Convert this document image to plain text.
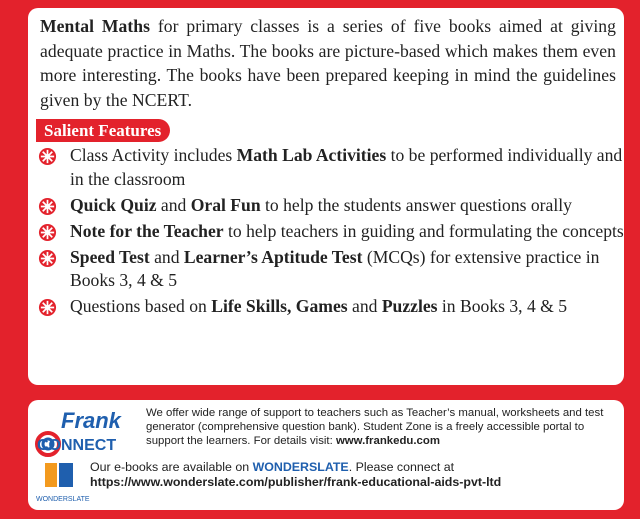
Mental Maths for primary classes is a series of five books aimed at giving adequate practice in Maths. The books are picture-based which makes them even more interesting. The books have been prepared keeping in mind the guidelines given by the NCERT.

Salient Features
Class Activity includes Math Lab Activities to be performed individually and in the classroom
Quick Quiz and Oral Fun to help the students answer questions orally
Note for the Teacher to help teachers in guiding and formulating the concepts
Speed Test and Learner’s Aptitude Test (MCQs) for extensive practice in Books 3, 4 & 5
Questions based on Life Skills, Games and Puzzles in Books 3, 4 & 5
Frank
CONNECT

We offer wide range of support to teachers such as Teacher’s manual, worksheets and test generator (comprehensive question bank). Student Zone is a freely accessible portal to support the learners. For details visit: www.frankedu.com

WONDERSLATE

Our e-books are available on WONDERSLATE. Please connect at
https://www.wonderslate.com/publisher/frank-educational-aids-pvt-ltd
